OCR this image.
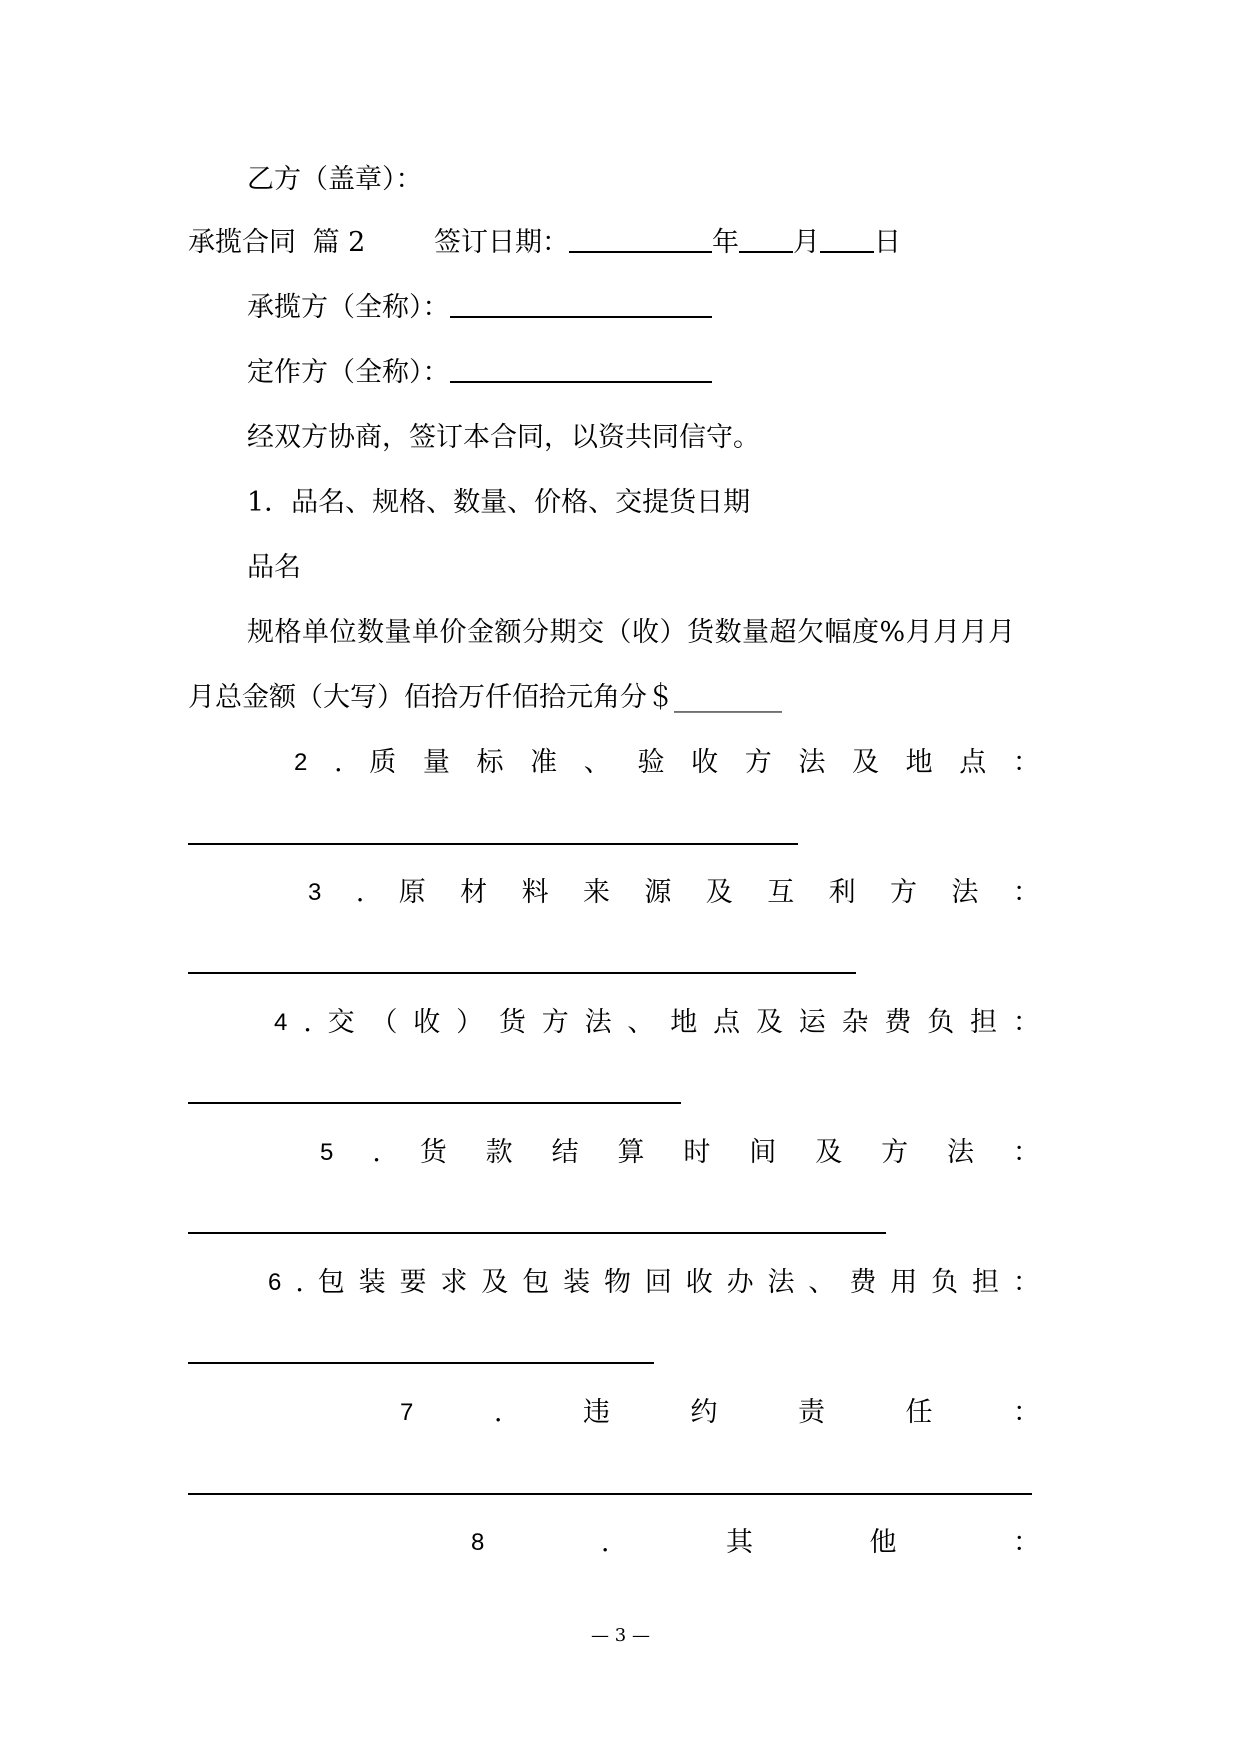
乙方（盖章）：
承揽合同 篇 2	签订日期：	年 月 日
承揽方（全称）：
定作方（全称）：
经双方协商，签订本合同，以资共同信守。
1．品名、规格、数量、价格、交提货日期
品名
规格单位数量单价金额分期交（收）货数量超欠幅度%月月月月
月总金额（大写）佰拾万仟佰拾元角分＄________
2 . 质 量 标 准 、 验 收 方 法 及 地 点 ：
3 . 原 材 料 来 源 及 互 利 方 法 ：
4 . 交 （ 收 ） 货 方 法 、 地 点 及 运 杂 费 负 担 ：
5 . 货 款 结 算 时 间 及 方 法 ：
6 . 包 装 要 求 及 包 装 物 回 收 办 法 、 费 用 负 担 ：
7	.	违	约	责	任	：
8	.	其	他	：
— 3 —
